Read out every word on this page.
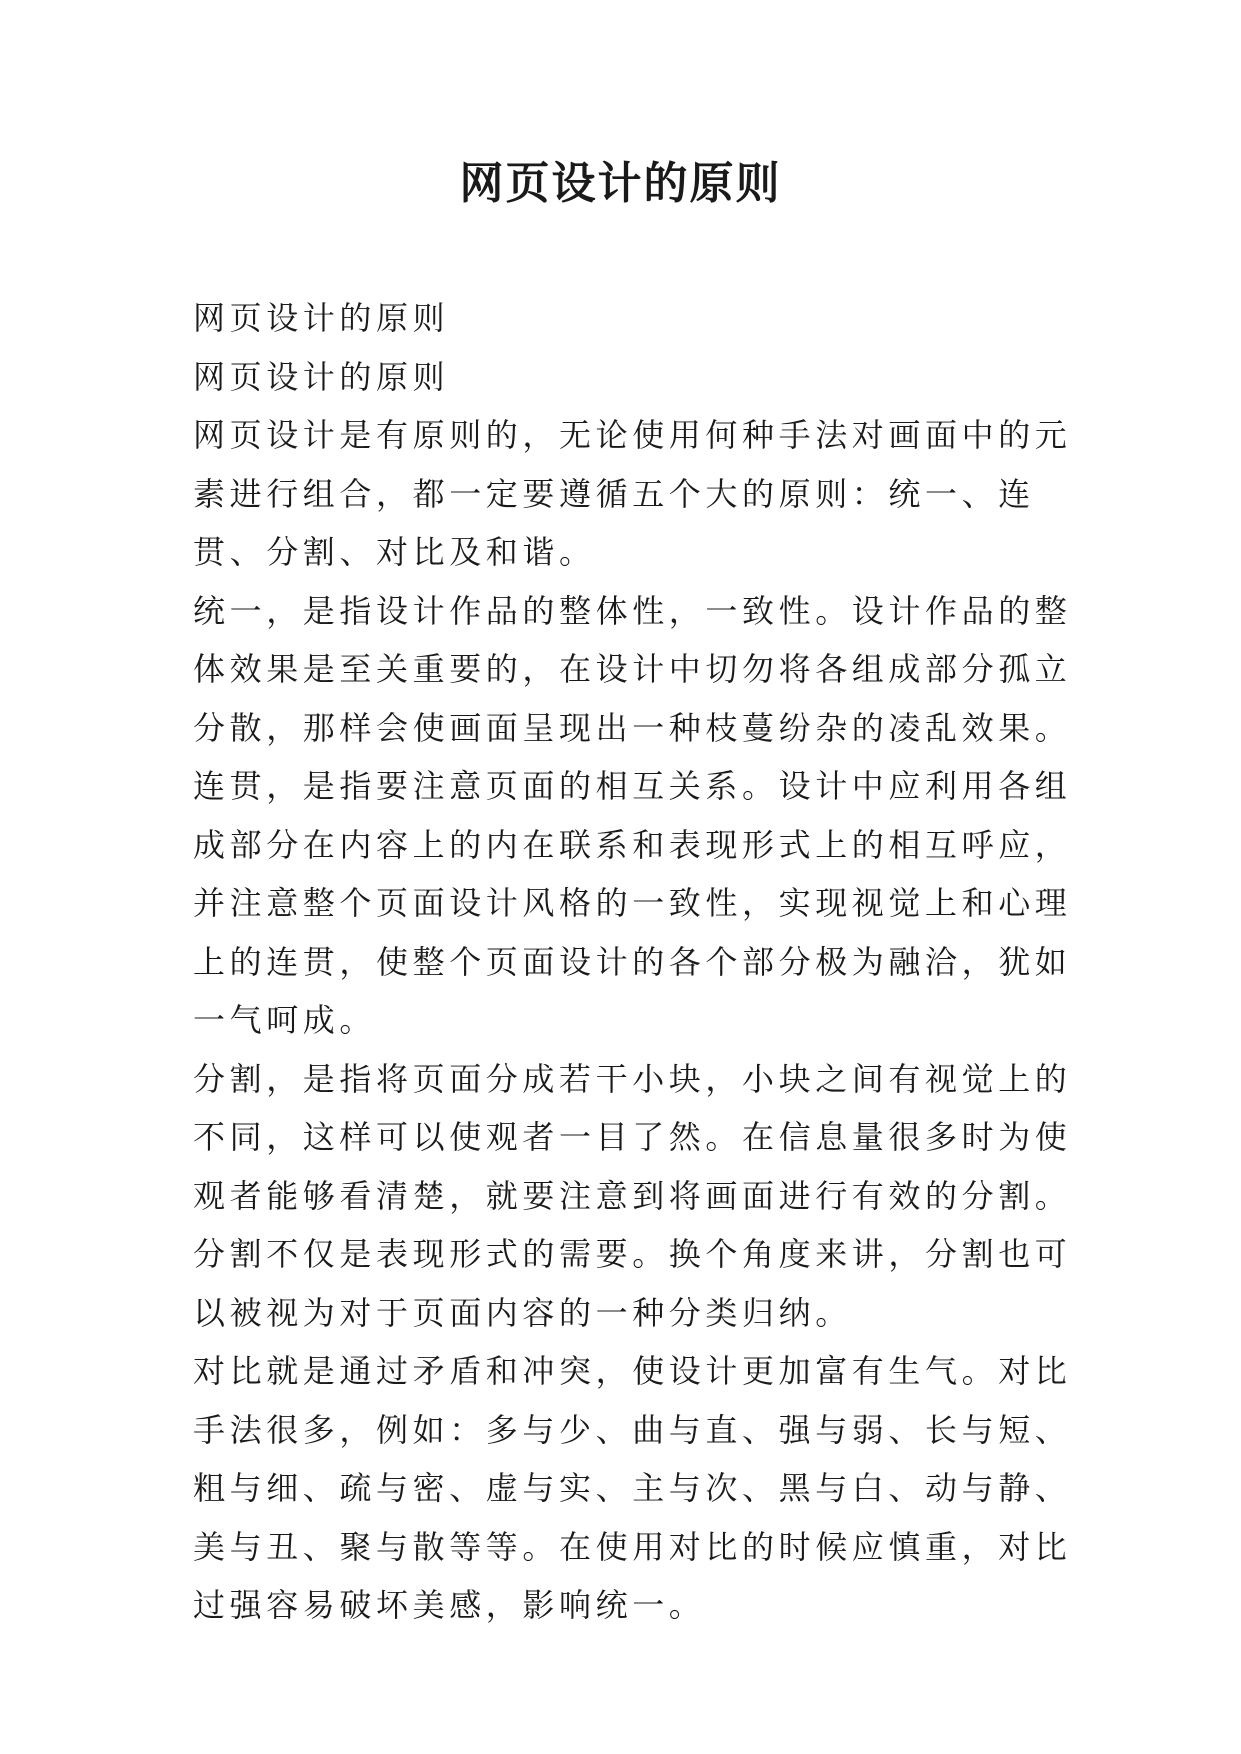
网页设计的原则

网页设计的原则

网页设计的原则

网页设计是有原则的，无论使用何种手法对画面中的元素进行组合，都一定要遵循五个大的原则：统一、连贯、分割、对比及和谐。

统一，是指设计作品的整体性，一致性。设计作品的整体效果是至关重要的，在设计中切勿将各组成部分孤立分散，那样会使画面呈现出一种枝蔓纷杂的凌乱效果。

连贯，是指要注意页面的相互关系。设计中应利用各组成部分在内容上的内在联系和表现形式上的相互呼应，并注意整个页面设计风格的一致性，实现视觉上和心理上的连贯，使整个页面设计的各个部分极为融洽，犹如一气呵成。

分割，是指将页面分成若干小块，小块之间有视觉上的不同，这样可以使观者一目了然。在信息量很多时为使观者能够看清楚，就要注意到将画面进行有效的分割。分割不仅是表现形式的需要。换个角度来讲，分割也可以被视为对于页面内容的一种分类归纳。

对比就是通过矛盾和冲突，使设计更加富有生气。对比手法很多，例如：多与少、曲与直、强与弱、长与短、粗与细、疏与密、虚与实、主与次、黑与白、动与静、美与丑、聚与散等等。在使用对比的时候应慎重，对比过强容易破坏美感，影响统一。
